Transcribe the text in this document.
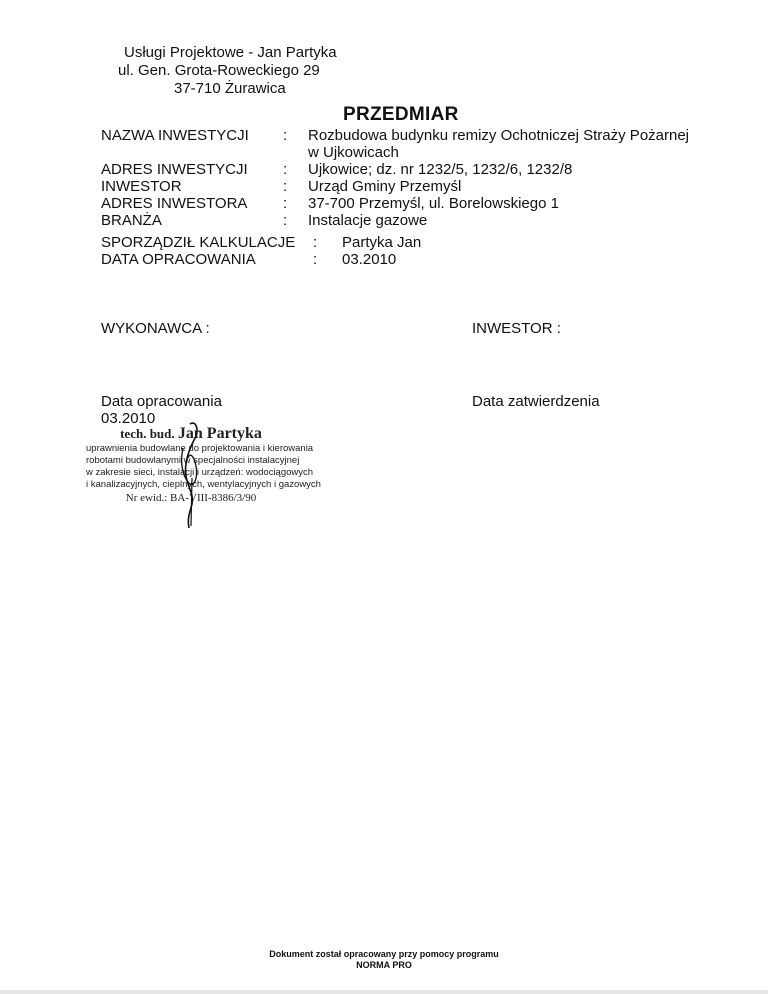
Usługi Projektowe - Jan Partyka
ul. Gen. Grota-Roweckiego 29
37-710 Żurawica
PRZEDMIAR
NAZWA INWESTYCJI	: Rozbudowa budynku remizy Ochotniczej Straży Pożarnej
w Ujkowicach
ADRES INWESTYCJI	: Ujkowice; dz. nr 1232/5, 1232/6, 1232/8
INWESTOR	: Urząd Gminy Przemyśl
ADRES INWESTORA	: 37-700 Przemyśl, ul. Borelowskiego 1
BRANŻA	: Instalacje gazowe
SPORZĄDZIŁ KALKULACJE	: Partyka Jan
DATA OPRACOWANIA	: 03.2010
WYKONAWCA :	INWESTOR :
Data opracowania
03.2010
Data zatwierdzenia
tech. bud. Jan Partyka
uprawnienia budowlane do projektowania i kierowania
robotami budowlanymi w specjalności instalacyjnej
w zakresie sieci, instalacji i urządzeń: wodociągowych
i kanalizacyjnych, cieplnych, wentylacyjnych i gazowych
Nr ewid.: BA-VIII-8386/3/90
Dokument został opracowany przy pomocy programu
NORMA PRO
